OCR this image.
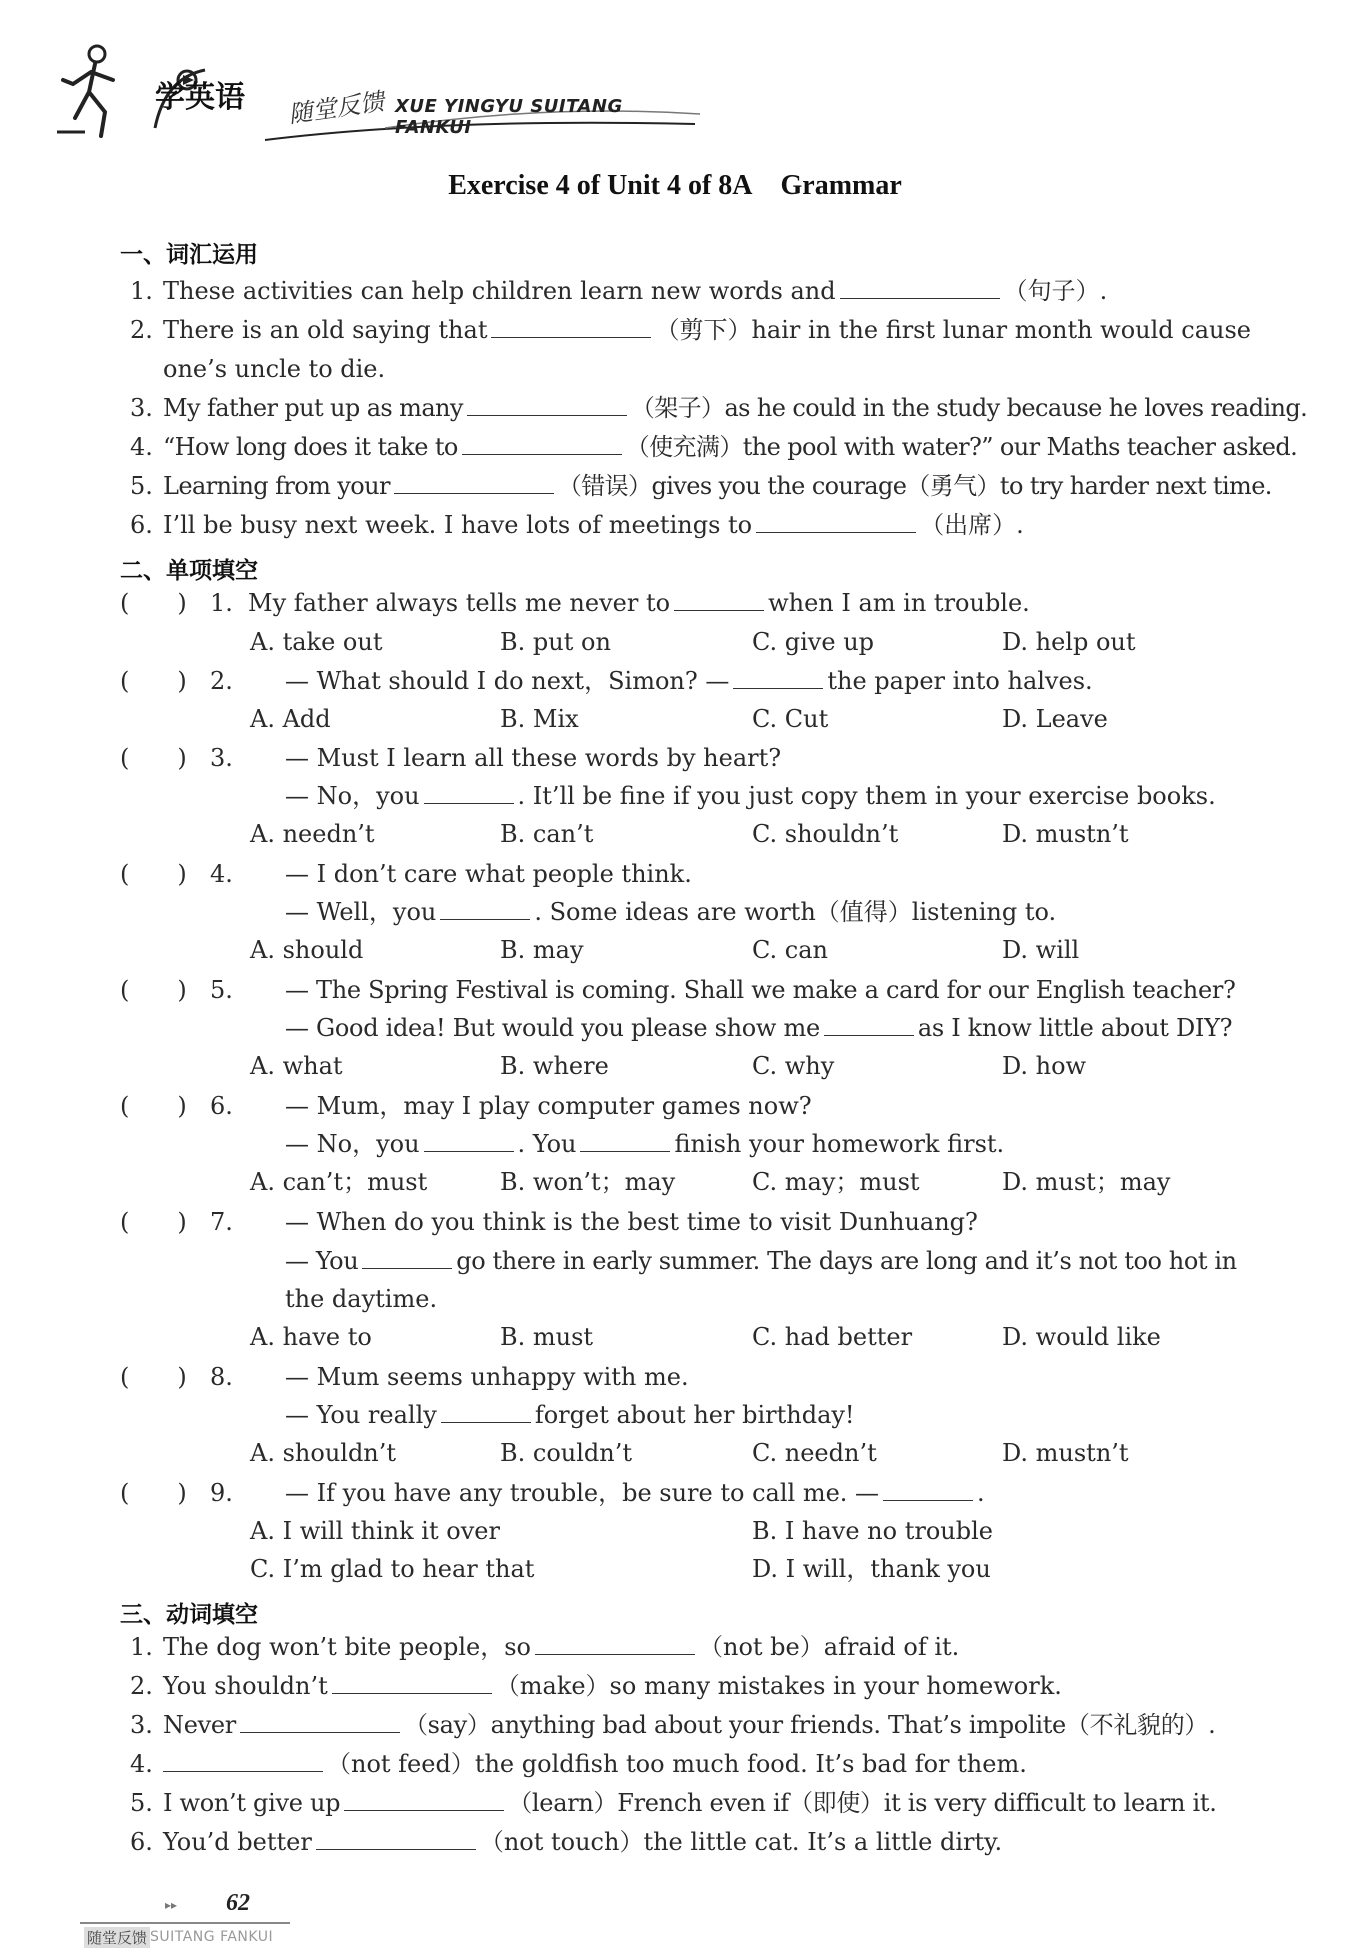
学英语 随堂反馈 XUE YINGYU SUITANG FANKUI
Exercise 4 of Unit 4 of 8A Grammar
一、词汇运用
1. These activities can help children learn new words and	（句子）.
2. There is an old saying that	（剪下）hair in the first lunar month would cause
one’s uncle to die.
3. My father put up as many	（架子）as he could in the study because he loves reading.
4. “How long does it take to	（使充满）the pool with water?” our Maths teacher asked.
5. Learning from your	（错误）gives you the courage（勇气）to try harder next time.
6. I’ll be busy next week. I have lots of meetings to	（出席）.
二、单项填空
(　　) 1. My father always tells me never to	when I am in trouble.
A. take out	B. put on	C. give up	D. help out
(　　) 2. — What should I do next，Simon? —	the paper into halves.
A. Add	B. Mix	C. Cut	D. Leave
(　　) 3. — Must I learn all these words by heart?
— No，you	. It’ll be fine if you just copy them in your exercise books.
A. needn’t	B. can’t	C. shouldn’t	D. mustn’t
(　　) 4. — I don’t care what people think.
— Well，you	. Some ideas are worth（值得）listening to.
A. should	B. may	C. can	D. will
(　　) 5. — The Spring Festival is coming. Shall we make a card for our English teacher?
— Good idea! But would you please show me	as I know little about DIY?
A. what	B. where	C. why	D. how
(　　) 6. — Mum，may I play computer games now?
— No，you	. You	finish your homework first.
A. can’t；must	B. won’t；may	C. may；must	D. must；may
(　　) 7. — When do you think is the best time to visit Dunhuang?
— You	go there in early summer. The days are long and it’s not too hot in
the daytime.
A. have to	B. must	C. had better	D. would like
(　　) 8. — Mum seems unhappy with me.
— You really	forget about her birthday!
A. shouldn’t	B. couldn’t	C. needn’t	D. mustn’t
(　　) 9. — If you have any trouble，be sure to call me. —	.
A. I will think it over	B. I have no trouble
C. I’m glad to hear that	D. I will，thank you
三、动词填空
1. The dog won’t bite people，so	（not be）afraid of it.
2. You shouldn’t	（make）so many mistakes in your homework.
3. Never	（say）anything bad about your friends. That’s impolite（不礼貌的）.
4.	（not feed）the goldfish too much food. It’s bad for them.
5. I won’t give up	（learn）French even if（即使）it is very difficult to learn it.
6. You’d better	（not touch）the little cat. It’s a little dirty.
▸▸ 62
随堂反馈 SUITANG FANKUI
